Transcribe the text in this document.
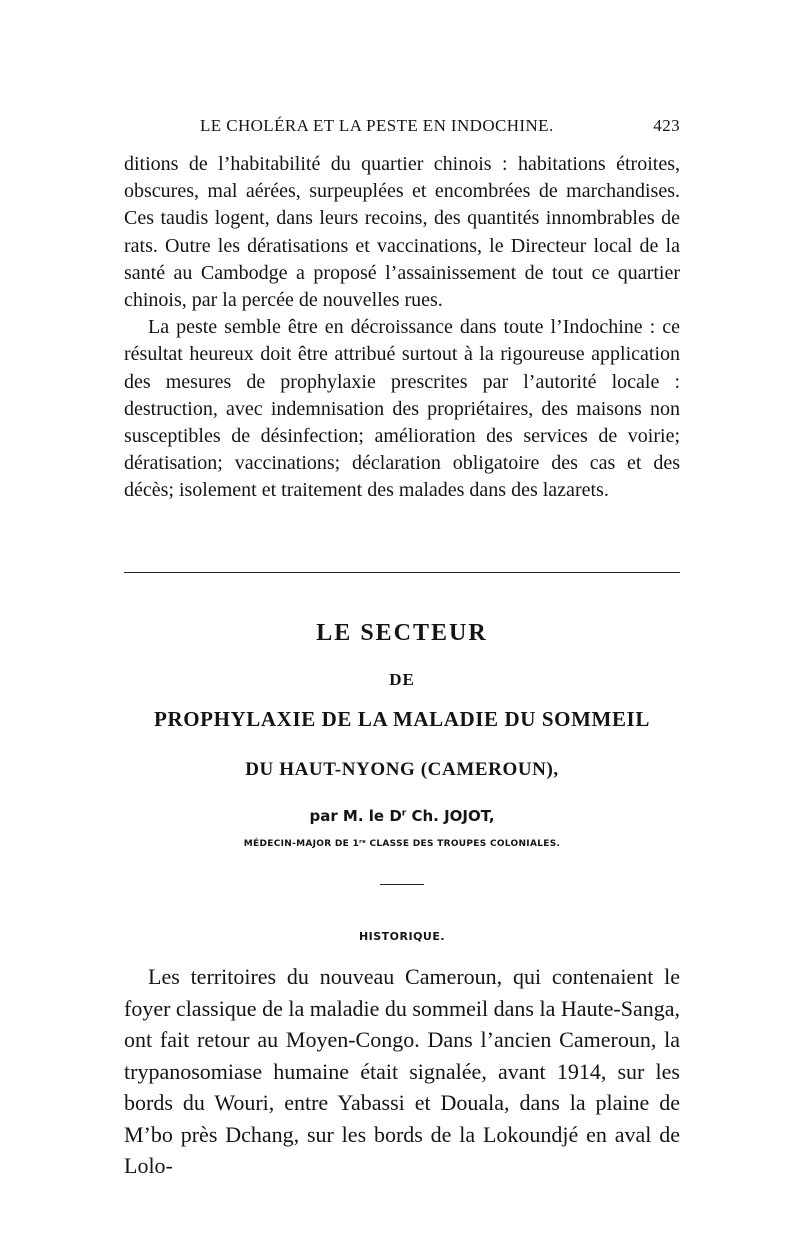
LE CHOLÉRA ET LA PESTE EN INDOCHINE.	423

ditions de l’habitabilité du quartier chinois : habitations étroites, obscures, mal aérées, surpeuplées et encombrées de marchandises. Ces taudis logent, dans leurs recoins, des quantités innombrables de rats. Outre les dératisations et vaccinations, le Directeur local de la santé au Cambodge a proposé l’assainissement de tout ce quartier chinois, par la percée de nouvelles rues.

La peste semble être en décroissance dans toute l’Indochine : ce résultat heureux doit être attribué surtout à la rigoureuse application des mesures de prophylaxie prescrites par l’autorité locale : destruction, avec indemnisation des propriétaires, des maisons non susceptibles de désinfection; amélioration des services de voirie; dératisation; vaccinations; déclaration obligatoire des cas et des décès; isolement et traitement des malades dans des lazarets.

LE SECTEUR
DE
PROPHYLAXIE DE LA MALADIE DU SOMMEIL
DU HAUT-NYONG (CAMEROUN),
par M. le $D^r$ Ch. JOJOT,
MÉDECIN-MAJOR DE 1re CLASSE DES TROUPES COLONIALES.
HISTORIQUE.

Les territoires du nouveau Cameroun, qui contenaient le foyer classique de la maladie du sommeil dans la Haute-Sanga, ont fait retour au Moyen-Congo. Dans l’ancien Cameroun, la trypanosomiase humaine était signalée, avant 1914, sur les bords du Wouri, entre Yabassi et Douala, dans la plaine de M’bo près Dchang, sur les bords de la Lokoundjé en aval de Lolo-
